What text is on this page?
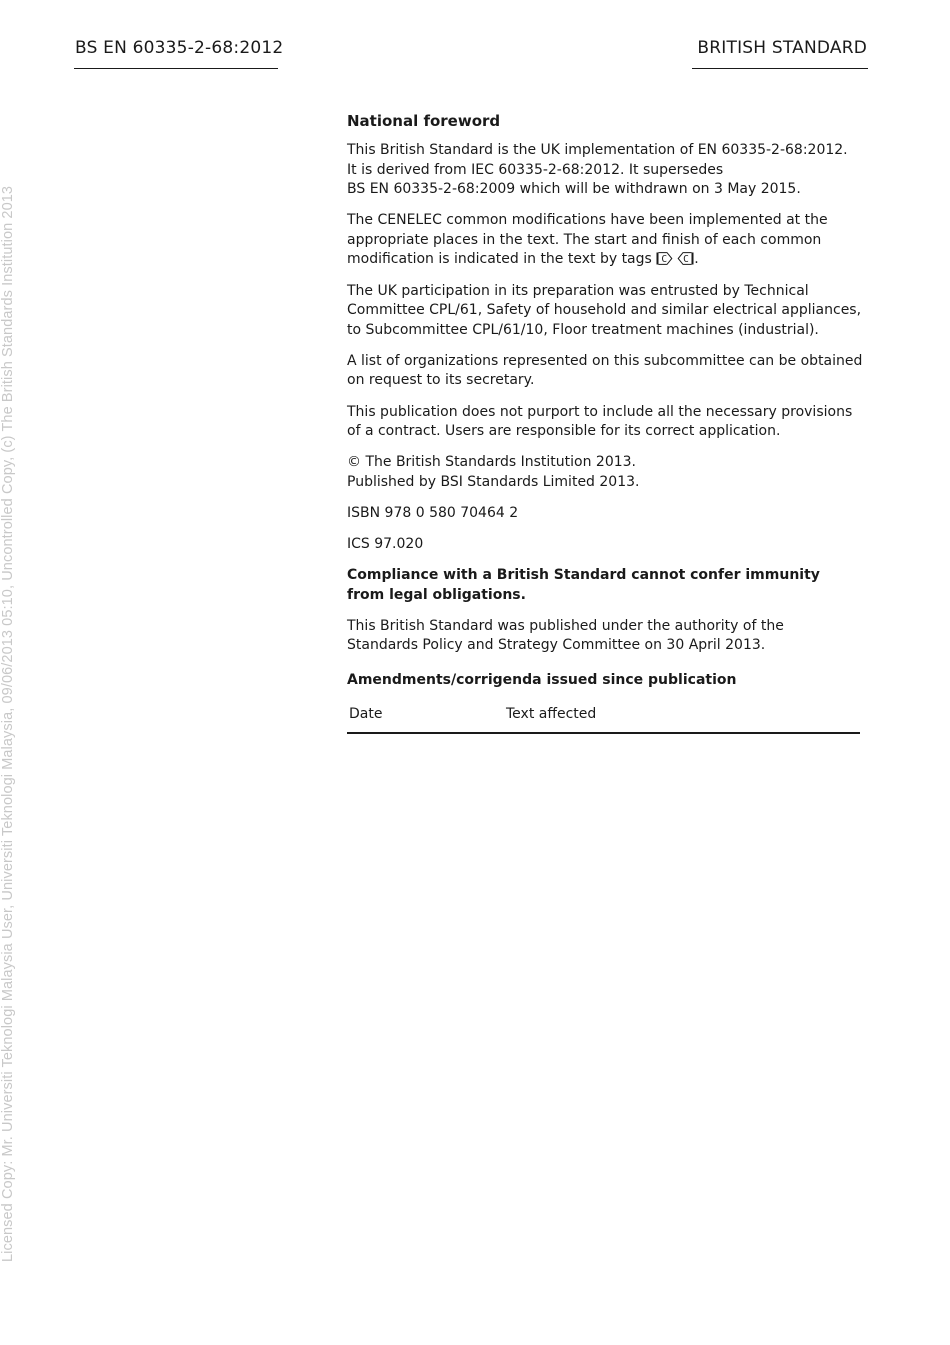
BS EN 60335-2-68:2012	BRITISH STANDARD
Licensed Copy: Mr. Universiti Teknologi Malaysia User, Universiti Teknologi Malaysia, 09/06/2013 05:10, Uncontrolled Copy, (c) The British Standards Institution 2013
National foreword
This British Standard is the UK implementation of EN 60335-2-68:2012.
It is derived from IEC 60335-2-68:2012. It supersedes
BS EN 60335-2-68:2009 which will be withdrawn on 3 May 2015.
The CENELEC common modifications have been implemented at the
appropriate places in the text. The start and finish of each common
modification is indicated in the text by tags C C .
The UK participation in its preparation was entrusted by Technical
Committee CPL/61, Safety of household and similar electrical appliances,
to Subcommittee CPL/61/10, Floor treatment machines (industrial).
A list of organizations represented on this subcommittee can be obtained
on request to its secretary.
This publication does not purport to include all the necessary provisions
of a contract. Users are responsible for its correct application.
© The British Standards Institution 2013.
Published by BSI Standards Limited 2013.
ISBN 978 0 580 70464 2
ICS 97.020
Compliance with a British Standard cannot confer immunity
from legal obligations.
This British Standard was published under the authority of the
Standards Policy and Strategy Committee on 30 April 2013.
Amendments/corrigenda issued since publication
Date	Text affected
